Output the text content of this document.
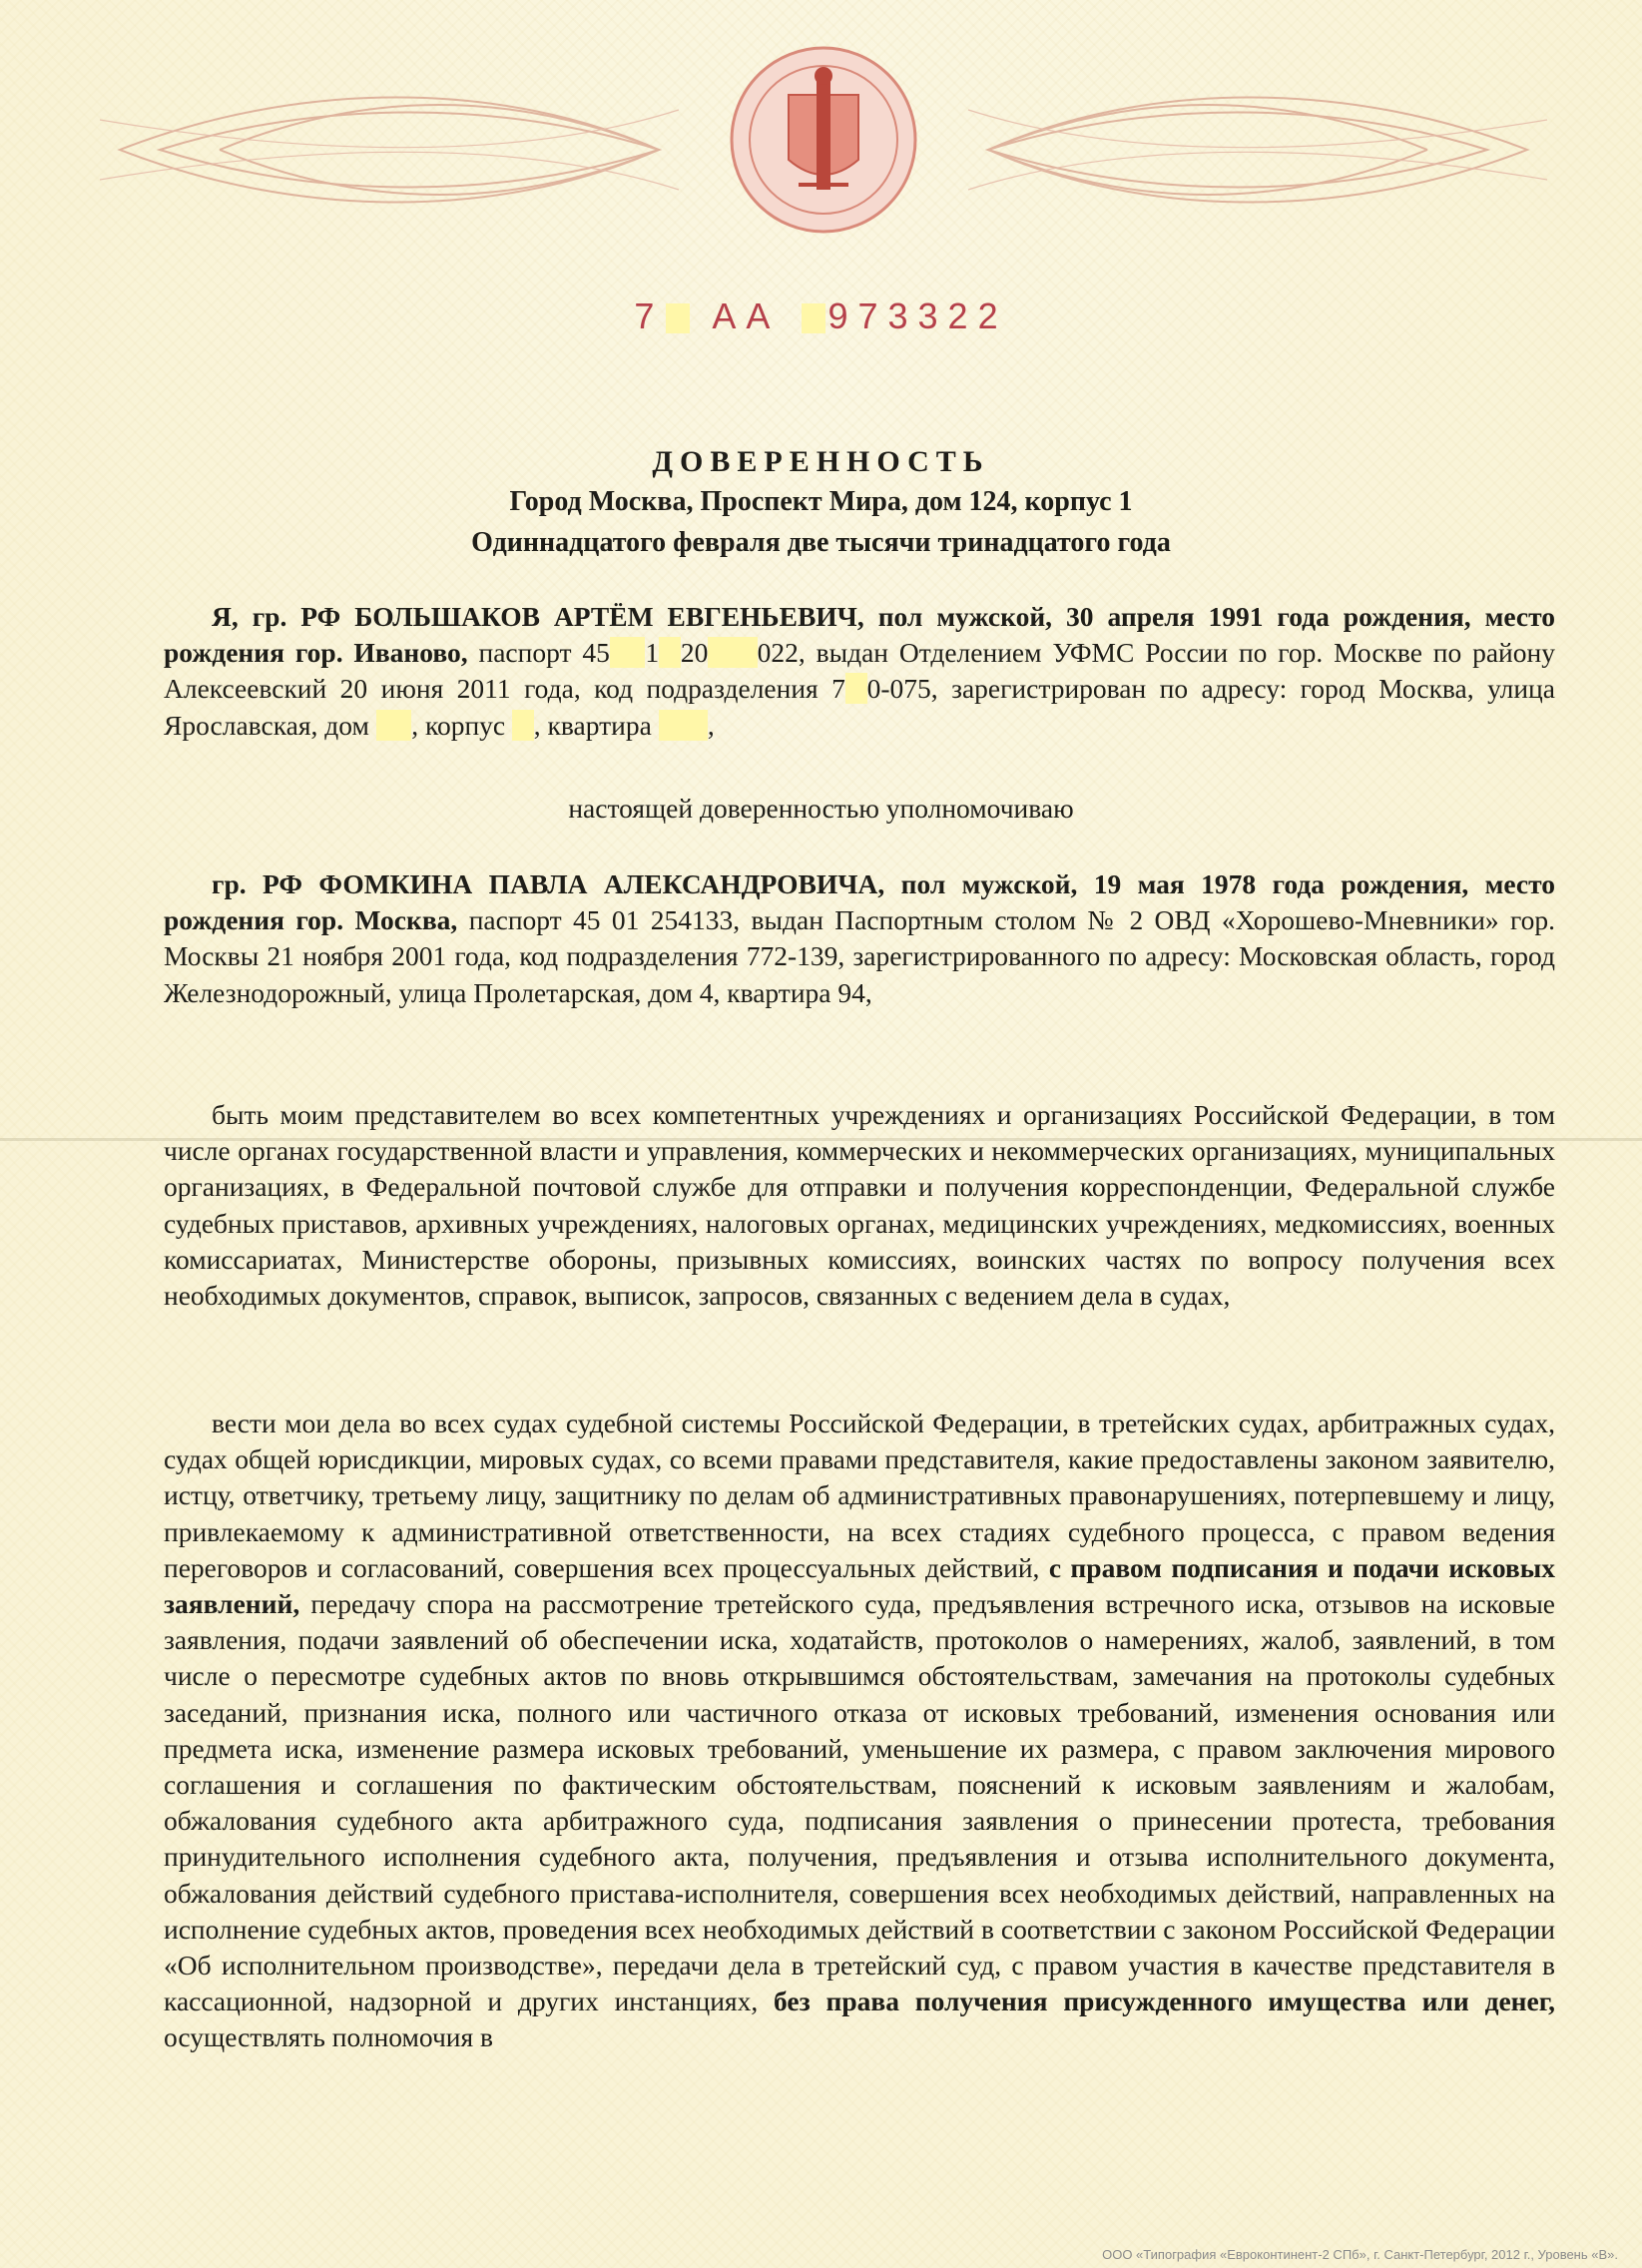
7 АА 973322
ДОВЕРЕННОСТЬ
Город Москва, Проспект Мира, дом 124, корпус 1
Одиннадцатого февраля две тысячи тринадцатого года
Я, гр. РФ БОЛЬШАКОВ АРТЁМ ЕВГЕНЬЕВИЧ, пол мужской, 30 апреля 1991 года рождения, место рождения гор. Иваново, паспорт 45 1 20 022, выдан Отделением УФМС России по гор. Москве по району Алексеевский 20 июня 2011 года, код подразделения 7 0-075, зарегистрирован по адресу: город Москва, улица Ярославская, дом , корпус , квартира ,
настоящей доверенностью уполномочиваю
гр. РФ ФОМКИНА ПАВЛА АЛЕКСАНДРОВИЧА, пол мужской, 19 мая 1978 года рождения, место рождения гор. Москва, паспорт 45 01 254133, выдан Паспортным столом № 2 ОВД «Хорошево-Мневники» гор. Москвы 21 ноября 2001 года, код подразделения 772-139, зарегистрированного по адресу: Московская область, город Железнодорожный, улица Пролетарская, дом 4, квартира 94,
быть моим представителем во всех компетентных учреждениях и организациях Российской Федерации, в том числе органах государственной власти и управления, коммерческих и некоммерческих организациях, муниципальных организациях, в Федеральной почтовой службе для отправки и получения корреспонденции, Федеральной службе судебных приставов, архивных учреждениях, налоговых органах, медицинских учреждениях, медкомиссиях, военных комиссариатах, Министерстве обороны, призывных комиссиях, воинских частях по вопросу получения всех необходимых документов, справок, выписок, запросов, связанных с ведением дела в судах,
вести мои дела во всех судах судебной системы Российской Федерации, в третейских судах, арбитражных судах, судах общей юрисдикции, мировых судах, со всеми правами представителя, какие предоставлены законом заявителю, истцу, ответчику, третьему лицу, защитнику по делам об административных правонарушениях, потерпевшему и лицу, привлекаемому к административной ответственности, на всех стадиях судебного процесса, с правом ведения переговоров и согласований, совершения всех процессуальных действий, с правом подписания и подачи исковых заявлений, передачу спора на рассмотрение третейского суда, предъявления встречного иска, отзывов на исковые заявления, подачи заявлений об обеспечении иска, ходатайств, протоколов о намерениях, жалоб, заявлений, в том числе о пересмотре судебных актов по вновь открывшимся обстоятельствам, замечания на протоколы судебных заседаний, признания иска, полного или частичного отказа от исковых требований, изменения основания или предмета иска, изменение размера исковых требований, уменьшение их размера, с правом заключения мирового соглашения и соглашения по фактическим обстоятельствам, пояснений к исковым заявлениям и жалобам, обжалования судебного акта арбитражного суда, подписания заявления о принесении протеста, требования принудительного исполнения судебного акта, получения, предъявления и отзыва исполнительного документа, обжалования действий судебного пристава-исполнителя, совершения всех необходимых действий, направленных на исполнение судебных актов, проведения всех необходимых действий в соответствии с законом Российской Федерации «Об исполнительном производстве», передачи дела в третейский суд, с правом участия в качестве представителя в кассационной, надзорной и других инстанциях, без права получения присужденного имущества или денег, осуществлять полномочия в
ООО «Типография «Евроконтинент-2 СПб», г. Санкт-Петербург, 2012 г., Уровень «В».
